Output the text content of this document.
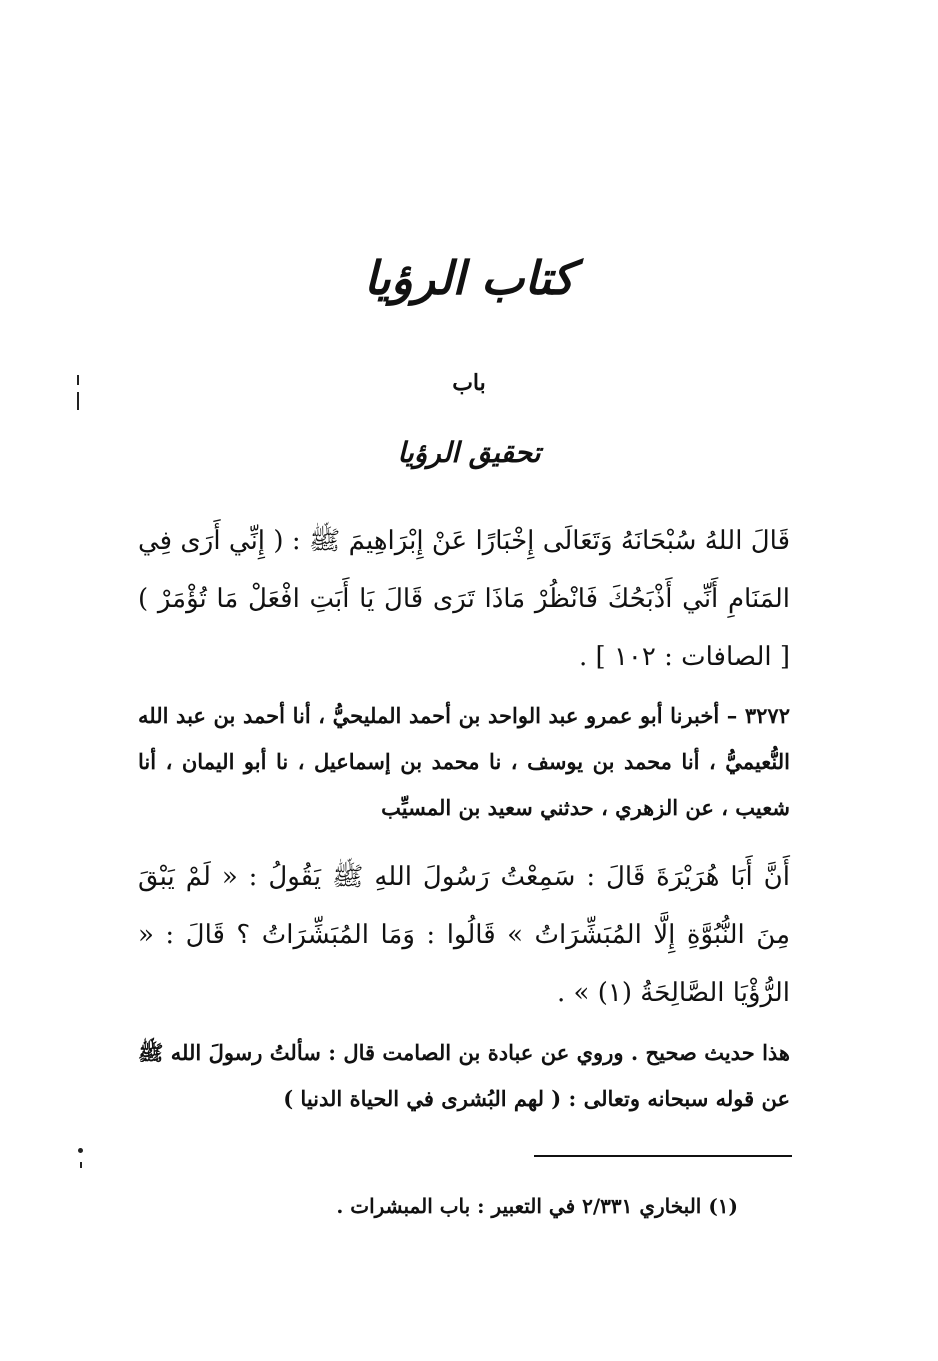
كتاب الرؤيا
باب
تحقيق الرؤيا

قَالَ اللهُ سُبْحَانَهُ وَتَعَالَى إِخْبَارًا عَنْ إِبْرَاهِيمَ ﷺ : ( إِنِّي أَرَى فِي المَنَامِ أَنِّي أَذْبَحُكَ فَانْظُرْ مَاذَا تَرَى قَالَ يَا أَبَتِ افْعَلْ مَا تُؤْمَرْ ) [ الصافات : ١٠٢ ] .

٣٢٧٢ – أخبرنا أبو عمرو عبد الواحد بن أحمد المليحيُّ ، أنا أحمد بن عبد الله النُّعيميُّ ، أنا محمد بن يوسف ، نا محمد بن إسماعيل ، نا أبو اليمان ، أنا شعيب ، عن الزهري ، حدثني سعيد بن المسيِّب

أَنَّ أَبَا هُرَيْرَةَ قَالَ : سَمِعْتُ رَسُولَ اللهِ ﷺ يَقُولُ : « لَمْ يَبْقَ مِنَ النُّبُوَّةِ إِلَّا المُبَشِّرَاتُ » قَالُوا : وَمَا المُبَشِّرَاتُ ؟ قَالَ : « الرُّؤْيَا الصَّالِحَةُ (١) » .

هذا حديث صحيح . وروي عن عبادة بن الصامت قال : سألتُ رسولَ الله ﷺ عن قوله سبحانه وتعالى : ( لهم البُشرى في الحياة الدنيا )

(١) البخاري ٢/٣٣١ في التعبير : باب المبشرات .
